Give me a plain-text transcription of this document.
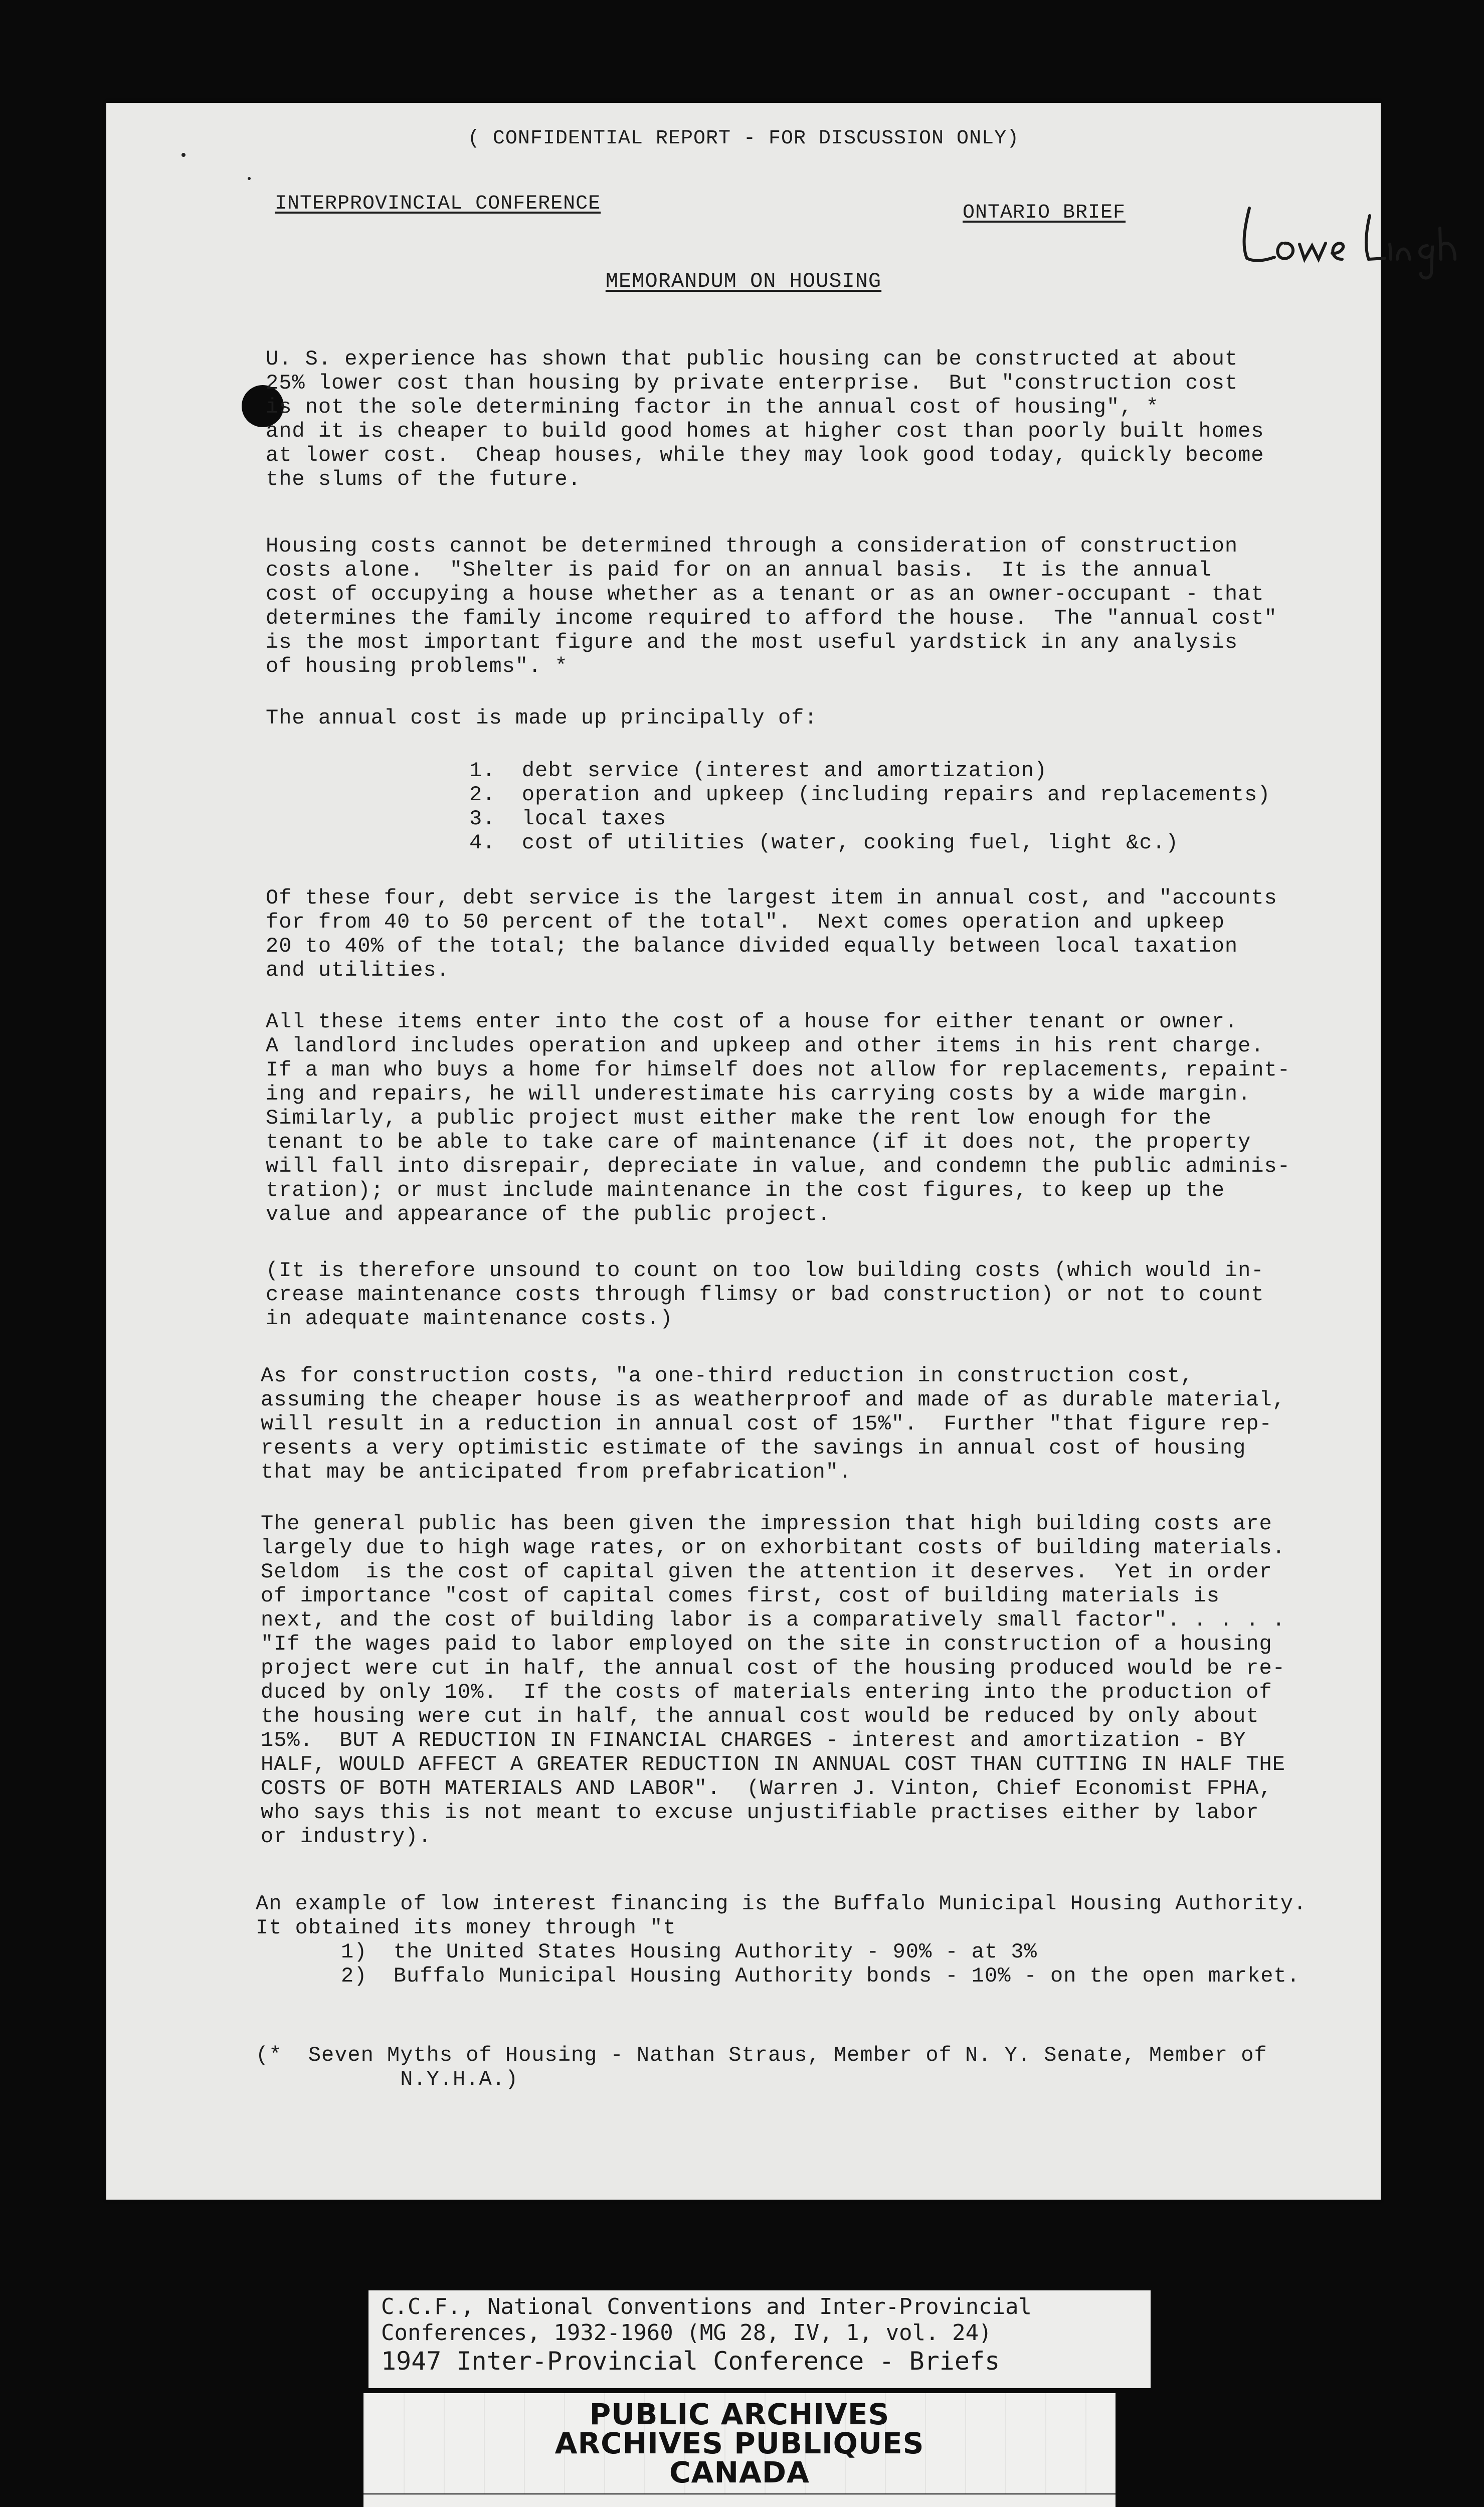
( CONFIDENTIAL REPORT - FOR DISCUSSION ONLY)
INTERPROVINCIAL CONFERENCE	ONTARIO BRIEF
MEMORANDUM ON HOUSING
U. S. experience has shown that public housing can be constructed at about
25% lower cost than housing by private enterprise.  But "construction cost
is not the sole determining factor in the annual cost of housing", *
and it is cheaper to build good homes at higher cost than poorly built homes
at lower cost.  Cheap houses, while they may look good today, quickly become
the slums of the future.
Housing costs cannot be determined through a consideration of construction
costs alone.  "Shelter is paid for on an annual basis.  It is the annual
cost of occupying a house whether as a tenant or as an owner-occupant - that
determines the family income required to afford the house.  The "annual cost"
is the most important figure and the most useful yardstick in any analysis
of housing problems". *
The annual cost is made up principally of:
1.  debt service (interest and amortization)
2.  operation and upkeep (including repairs and replacements)
3.  local taxes
4.  cost of utilities (water, cooking fuel, light &c.)
Of these four, debt service is the largest item in annual cost, and "accounts
for from 40 to 50 percent of the total".  Next comes operation and upkeep
20 to 40% of the total; the balance divided equally between local taxation
and utilities.
All these items enter into the cost of a house for either tenant or owner.
A landlord includes operation and upkeep and other items in his rent charge.
If a man who buys a home for himself does not allow for replacements, repaint-
ing and repairs, he will underestimate his carrying costs by a wide margin.
Similarly, a public project must either make the rent low enough for the
tenant to be able to take care of maintenance (if it does not, the property
will fall into disrepair, depreciate in value, and condemn the public adminis-
tration); or must include maintenance in the cost figures, to keep up the
value and appearance of the public project.
(It is therefore unsound to count on too low building costs (which would in-
crease maintenance costs through flimsy or bad construction) or not to count
in adequate maintenance costs.)
As for construction costs, "a one-third reduction in construction cost,
assuming the cheaper house is as weatherproof and made of as durable material,
will result in a reduction in annual cost of 15%".  Further "that figure rep-
resents a very optimistic estimate of the savings in annual cost of housing
that may be anticipated from prefabrication".
The general public has been given the impression that high building costs are
largely due to high wage rates, or on exhorbitant costs of building materials.
Seldom  is the cost of capital given the attention it deserves.  Yet in order
of importance "cost of capital comes first, cost of building materials is
next, and the cost of building labor is a comparatively small factor". . . . .
"If the wages paid to labor employed on the site in construction of a housing
project were cut in half, the annual cost of the housing produced would be re-
duced by only 10%.  If the costs of materials entering into the production of
the housing were cut in half, the annual cost would be reduced by only about
15%.  BUT A REDUCTION IN FINANCIAL CHARGES - interest and amortization - BY
HALF, WOULD AFFECT A GREATER REDUCTION IN ANNUAL COST THAN CUTTING IN HALF THE
COSTS OF BOTH MATERIALS AND LABOR".  (Warren J. Vinton, Chief Economist FPHA,
who says this is not meant to excuse unjustifiable practises either by labor
or industry).
An example of low interest financing is the Buffalo Municipal Housing Authority.
It obtained its money through "t
1)  the United States Housing Authority - 90% - at 3%
2)  Buffalo Municipal Housing Authority bonds - 10% - on the open market.
(*  Seven Myths of Housing - Nathan Straus, Member of N. Y. Senate, Member of
N.Y.H.A.)
C.C.F., National Conventions and Inter-Provincial
Conferences, 1932-1960 (MG 28, IV, 1, vol. 24)
1947 Inter-Provincial Conference - Briefs
PUBLIC ARCHIVES
ARCHIVES PUBLIQUES
CANADA
